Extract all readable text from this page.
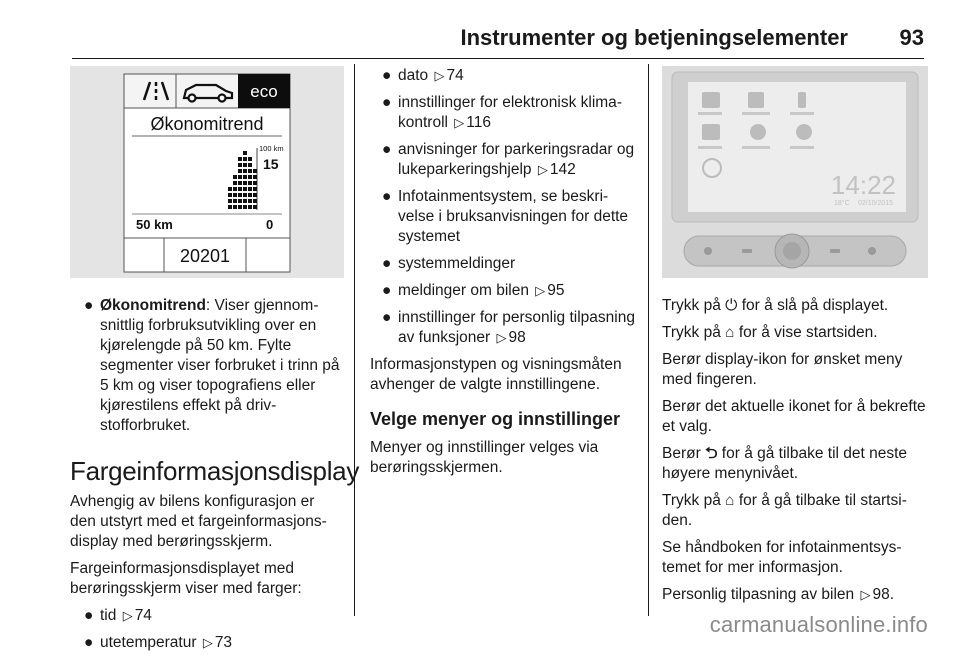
Instrumenter og betjeningselementer 93
eco
Økonomitrend
100 km
15
50 km	0
20201
● Økonomitrend: Viser gjennomsnittlig forbruksutvikling over en kjørelengde på 50 km. Fylte segmenter viser forbruket i trinn på 5 km og viser topografiens eller kjørestilens effekt på drivstofforbruket.
Fargeinformasjonsdisplay

Avhengig av bilens konfigurasjon er den utstyrt med et fargeinformasjonsdisplay med berøringsskjerm.

Fargeinformasjonsdisplayet med berøringsskjerm viser med farger:

● tid ▷ 74
● utetemperatur ▷ 73
● dato ▷ 74
● innstillinger for elektronisk klimakontroll ▷ 116
● anvisninger for parkeringsradar og lukeparkeringshjelp ▷ 142
● Infotainmentsystem, se beskrivelse i bruksanvisningen for dette systemet
● systemmeldinger
● meldinger om bilen ▷ 95
● innstillinger for personlig tilpasning av funksjoner ▷ 98

Informasjonstypen og visningsmåten avhenger de valgte innstillingene.

Velge menyer og innstillinger

Menyer og innstillinger velges via berøringsskjermen.

14:22
18°C 02/10/2015

Trykk på ⏻ for å slå på displayet.

Trykk på ⌂ for å vise startsiden.

Berør display-ikon for ønsket meny med fingeren.

Berør det aktuelle ikonet for å bekrefte et valg.

Berør ⮌ for å gå tilbake til det neste høyere menynivået.

Trykk på ⌂ for å gå tilbake til startsiden.

Se håndboken for infotainmentsystemet for mer informasjon.

Personlig tilpasning av bilen ▷ 98.

carmanualsonline.info
